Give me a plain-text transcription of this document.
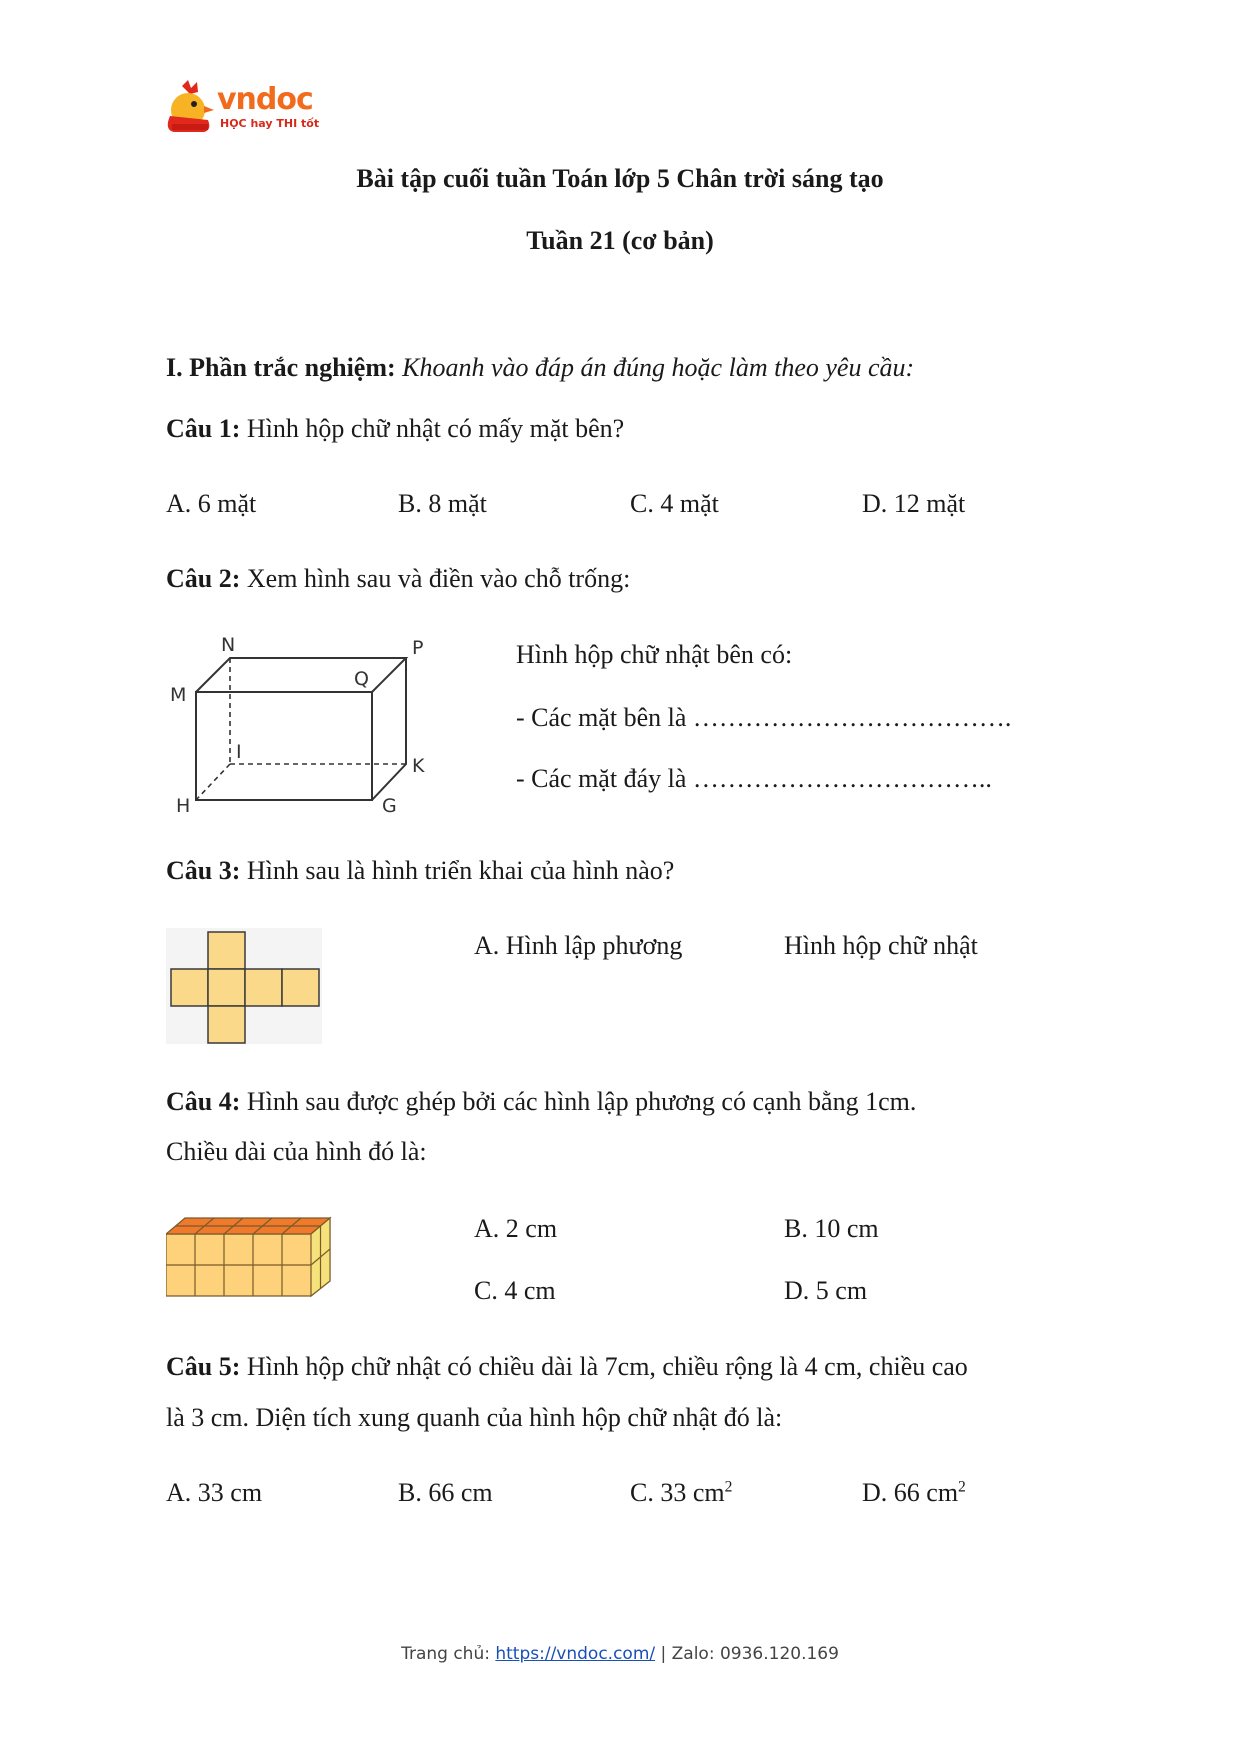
vndoc
HỌC hay THI tốt
Bài tập cuối tuần Toán lớp 5 Chân trời sáng tạo
Tuần 21 (cơ bản)
I. Phần trắc nghiệm: Khoanh vào đáp án đúng hoặc làm theo yêu cầu:
Câu 1: Hình hộp chữ nhật có mấy mặt bên?
A. 6 mặt	B. 8 mặt	C. 4 mặt	D. 12 mặt
Câu 2: Xem hình sau và điền vào chỗ trống:
N	P
M
Q
I
K
H	G
Hình hộp chữ nhật bên có:
- Các mặt bên là ……………………………….
- Các mặt đáy là ……………………………..
Câu 3: Hình sau là hình triển khai của hình nào?
A. Hình lập phương	Hình hộp chữ nhật
Câu 4: Hình sau được ghép bởi các hình lập phương có cạnh bằng 1cm.
Chiều dài của hình đó là:
A. 2 cm	B. 10 cm
C. 4 cm	D. 5 cm
Câu 5: Hình hộp chữ nhật có chiều dài là 7cm, chiều rộng là 4 cm, chiều cao
là 3 cm. Diện tích xung quanh của hình hộp chữ nhật đó là:
A. 33 cm	B. 66 cm	C. 33 $cm^2$	D. 66 $cm^2$
Trang chủ: https://vndoc.com/ | Zalo: 0936.120.169
